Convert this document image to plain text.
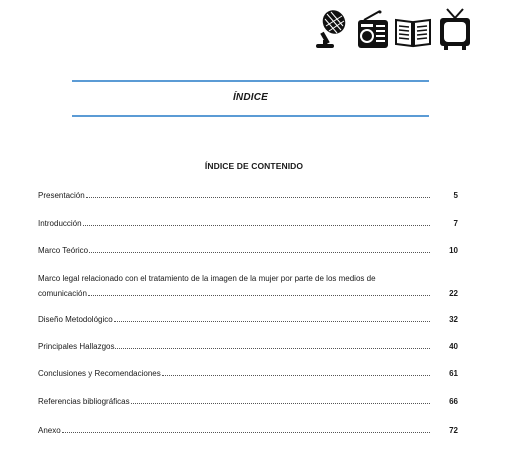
ÍNDICE
ÍNDICE DE CONTENIDO
Presentación	5
Introducción	7
Marco Teórico	10
Marco legal relacionado con el tratamiento de la imagen de la mujer por parte de los medios de
comunicación	22
Diseño Metodológico	32
Principales Hallazgos	40
Conclusiones y Recomendaciones	61
Referencias bibliográficas	66
Anexo	72
